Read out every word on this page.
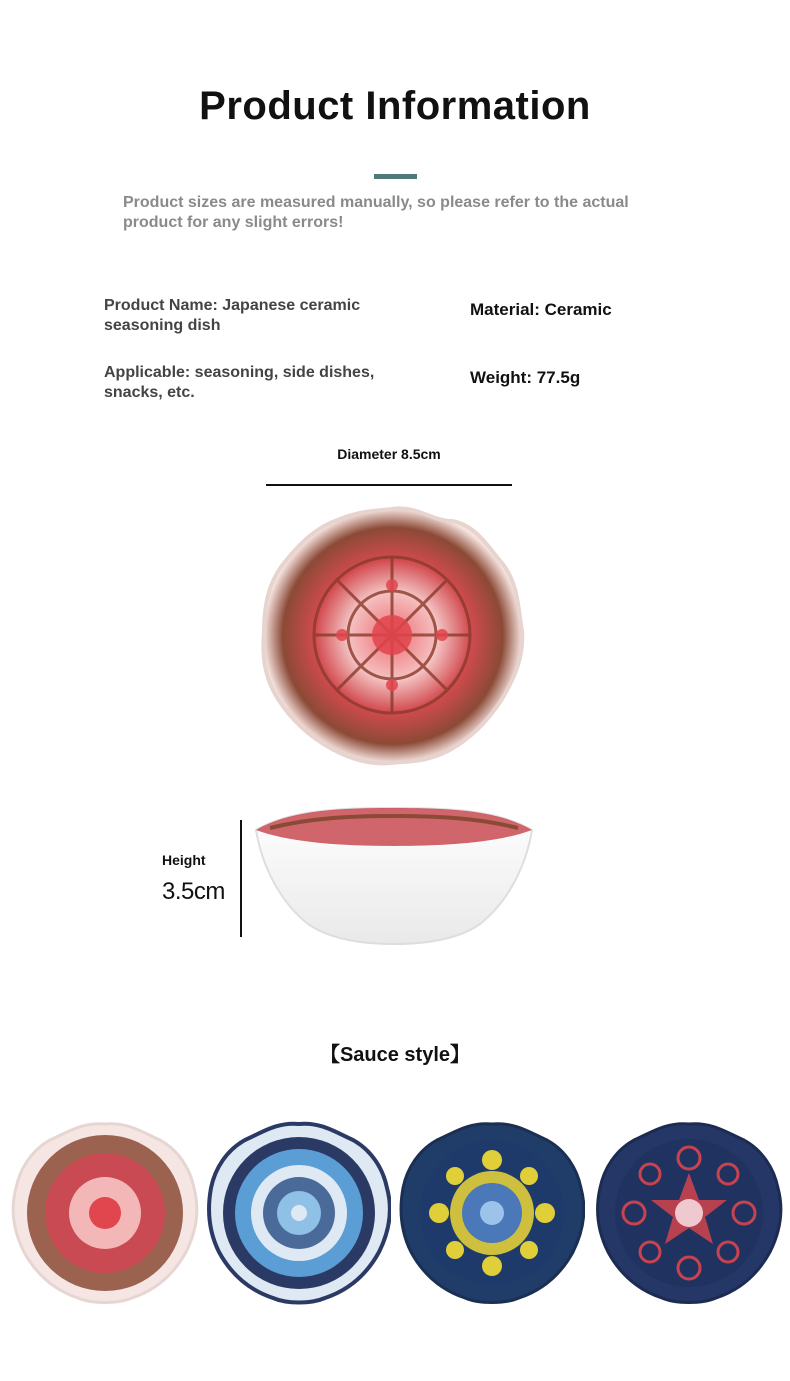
Product Information
Product sizes are measured manually, so please refer to the actual product for any slight errors!
Product Name: Japanese ceramic seasoning dish
Applicable: seasoning, side dishes, snacks, etc.
Material: Ceramic
Weight: 77.5g
Diameter 8.5cm
Height
3.5cm
【Sauce style】
